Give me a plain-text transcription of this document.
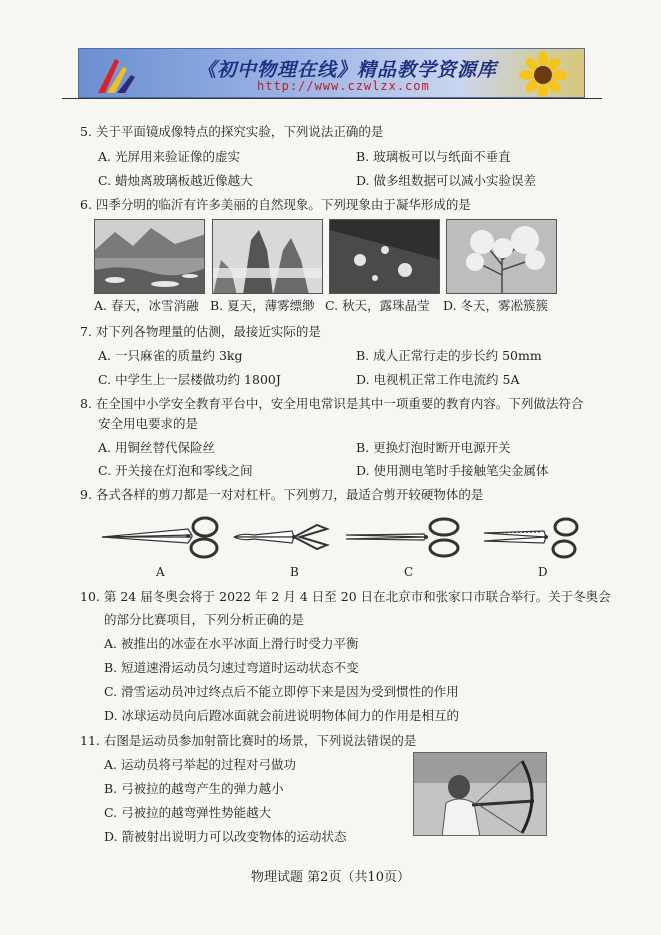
《初中物理在线》精品教学资源库
http://www.czwlzx.com
5. 关于平面镜成像特点的探究实验，下列说法正确的是
A. 光屏用来验证像的虚实	B. 玻璃板可以与纸面不垂直
C. 蜡烛离玻璃板越近像越大	D. 做多组数据可以减小实验误差
6. 四季分明的临沂有许多美丽的自然现象。下列现象由于凝华形成的是
A. 春天，冰雪消融 B. 夏天，薄雾缥缈 C. 秋天，露珠晶莹 D. 冬天，雾凇簇簇
7. 对下列各物理量的估测，最接近实际的是
A. 一只麻雀的质量约 3kg	B. 成人正常行走的步长约 50mm
C. 中学生上一层楼做功约 1800J	D. 电视机正常工作电流约 5A
8. 在全国中小学安全教育平台中，安全用电常识是其中一项重要的教育内容。下列做法符合
安全用电要求的是
A. 用铜丝替代保险丝	B. 更换灯泡时断开电源开关
C. 开关接在灯泡和零线之间	D. 使用测电笔时手接触笔尖金属体
9. 各式各样的剪刀都是一对对杠杆。下列剪刀，最适合剪开较硬物体的是
A	B	C	D
10. 第 24 届冬奥会将于 2022 年 2 月 4 日至 20 日在北京市和张家口市联合举行。关于冬奥会
的部分比赛项目，下列分析正确的是
A. 被推出的冰壶在水平冰面上滑行时受力平衡
B. 短道速滑运动员匀速过弯道时运动状态不变
C. 滑雪运动员冲过终点后不能立即停下来是因为受到惯性的作用
D. 冰球运动员向后蹬冰面就会前进说明物体间力的作用是相互的
11. 右图是运动员参加射箭比赛时的场景，下列说法错误的是
A. 运动员将弓举起的过程对弓做功
B. 弓被拉的越弯产生的弹力越小
C. 弓被拉的越弯弹性势能越大
D. 箭被射出说明力可以改变物体的运动状态
物理试题 第2页（共10页）
